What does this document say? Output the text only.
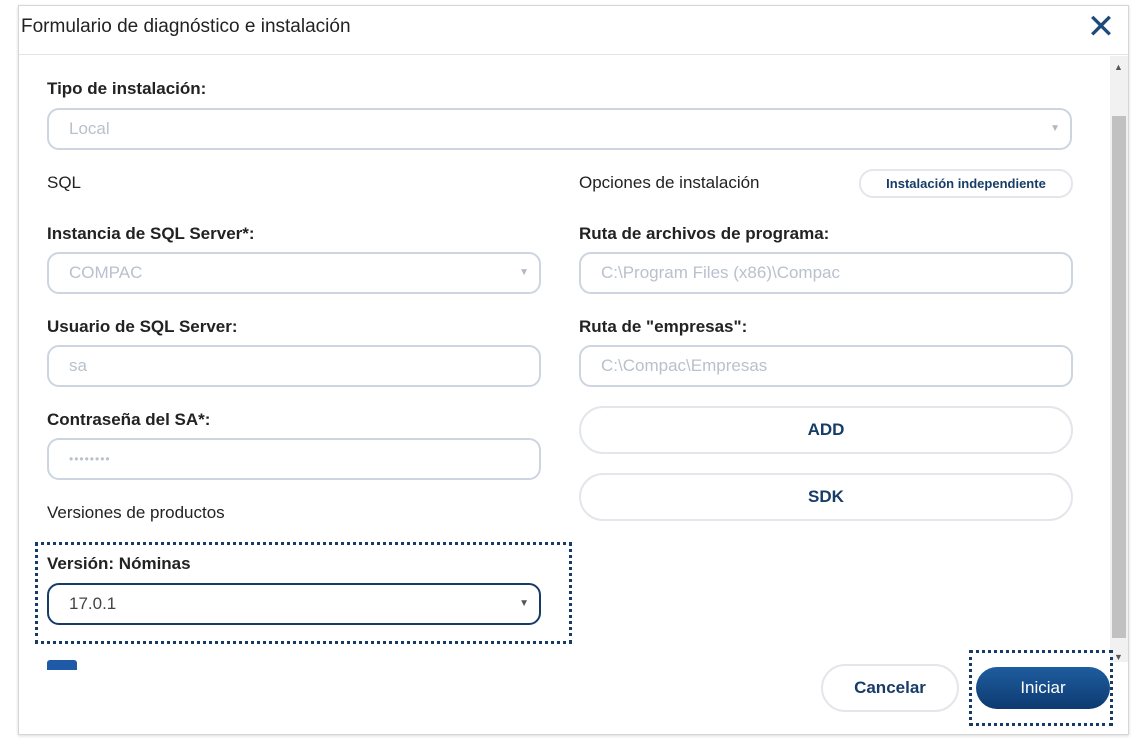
Formulario de diagnóstico e instalación	✕
Tipo de instalación:
Local	▼
SQL
Instancia de SQL Server*:
COMPAC	▼
Usuario de SQL Server:
sa
Contraseña del SA*:
••••••••
Opciones de instalación	Instalación independiente
Ruta de archivos de programa:
C:\Program Files (x86)\Compac
Ruta de "empresas":
C:\Compac\Empresas
ADD
SDK
Versiones de productos
Versión: Nóminas
17.0.1	▼
▲
▼
Cancelar	Iniciar
